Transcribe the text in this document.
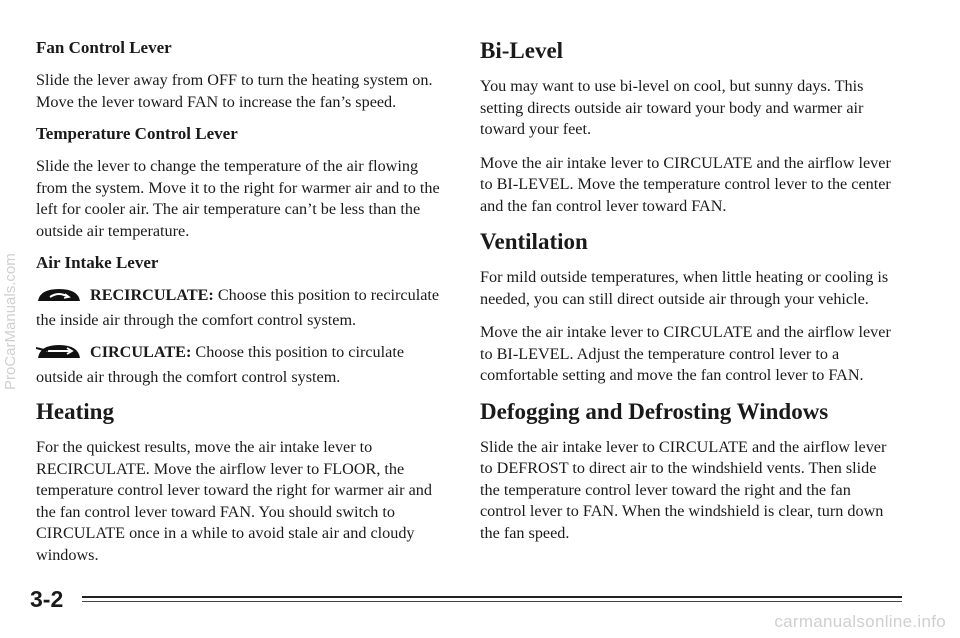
Fan Control Lever

Slide the lever away from OFF to turn the heating system on. Move the lever toward FAN to increase the fan’s speed.

Temperature Control Lever

Slide the lever to change the temperature of the air flowing from the system. Move it to the right for warmer air and to the left for cooler air. The air temperature can’t be less than the outside air temperature.

Air Intake Lever

RECIRCULATE: Choose this position to recirculate the inside air through the comfort control system.

CIRCULATE: Choose this position to circulate outside air through the comfort control system.

Heating

For the quickest results, move the air intake lever to RECIRCULATE. Move the airflow lever to FLOOR, the temperature control lever toward the right for warmer air and the fan control lever toward FAN. You should switch to CIRCULATE once in a while to avoid stale air and cloudy windows.

Bi-Level

You may want to use bi-level on cool, but sunny days. This setting directs outside air toward your body and warmer air toward your feet.

Move the air intake lever to CIRCULATE and the airflow lever to BI-LEVEL. Move the temperature control lever to the center and the fan control lever toward FAN.

Ventilation

For mild outside temperatures, when little heating or cooling is needed, you can still direct outside air through your vehicle.

Move the air intake lever to CIRCULATE and the airflow lever to BI-LEVEL. Adjust the temperature control lever to a comfortable setting and move the fan control lever to FAN.

Defogging and Defrosting Windows

Slide the air intake lever to CIRCULATE and the airflow lever to DEFROST to direct air to the windshield vents. Then slide the temperature control lever toward the right and the fan control lever to FAN. When the windshield is clear, turn down the fan speed.

3-2
ProCarManuals.com
carmanualsonline.info
